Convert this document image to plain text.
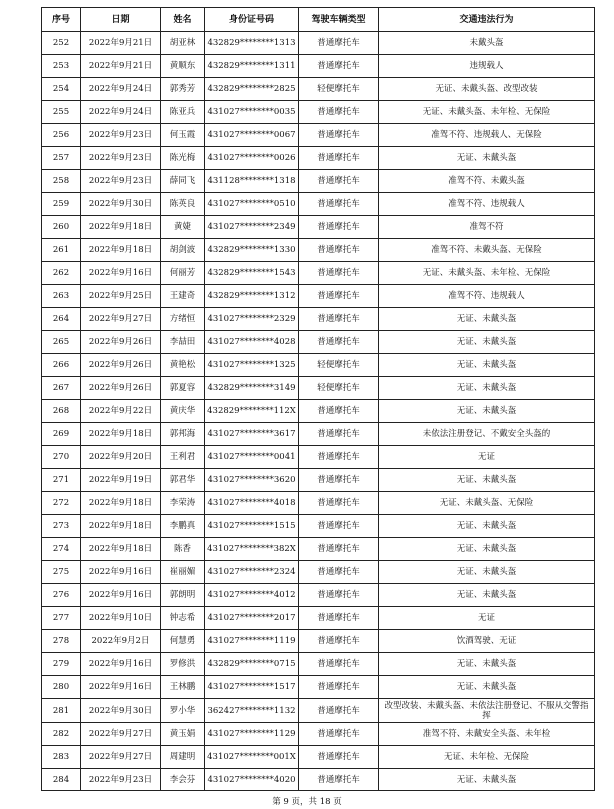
序号	日期	姓名	身份证号码	驾驶车辆类型	交通违法行为
252	2022年9月21日	胡亚林	432829********1313	普通摩托车	未戴头盔
253	2022年9月21日	黄顺东	432829********1311	普通摩托车	违规载人
254	2022年9月24日	郭秀芳	432829********2825	轻便摩托车	无证、未戴头盔、改型改装
255	2022年9月24日	陈亚兵	431027********0035	普通摩托车	无证、未戴头盔、未年检、无保险
256	2022年9月23日	何玉霞	431027********0067	普通摩托车	准驾不符、违规载人、无保险
257	2022年9月23日	陈光梅	431027********0026	普通摩托车	无证、未戴头盔
258	2022年9月23日	薛同飞	431128********1318	普通摩托车	准驾不符、未戴头盔
259	2022年9月30日	陈英良	431027********0510	普通摩托车	准驾不符、违规载人
260	2022年9月18日	黄婕	431027********2349	普通摩托车	准驾不符
261	2022年9月18日	胡剑波	432829********1330	普通摩托车	准驾不符、未戴头盔、无保险
262	2022年9月16日	何丽芳	432829********1543	普通摩托车	无证、未戴头盔、未年检、无保险
263	2022年9月25日	王建奇	432829********1312	普通摩托车	准驾不符、违规载人
264	2022年9月27日	方绪恒	431027********2329	普通摩托车	无证、未戴头盔
265	2022年9月26日	李喆田	431027********4028	普通摩托车	无证、未戴头盔
266	2022年9月26日	黄艳松	431027********1325	轻便摩托车	无证、未戴头盔
267	2022年9月26日	郭夏容	432829********3149	轻便摩托车	无证、未戴头盔
268	2022年9月22日	黄庆华	432829********112X	普通摩托车	无证、未戴头盔
269	2022年9月18日	郭邦海	431027********3617	普通摩托车	未依法注册登记、不戴安全头盔的
270	2022年9月20日	王利君	431027********0041	普通摩托车	无证
271	2022年9月19日	郭君华	431027********3620	普通摩托车	无证、未戴头盔
272	2022年9月18日	李荣涛	431027********4018	普通摩托车	无证、未戴头盔、无保险
273	2022年9月18日	李鹏真	431027********1515	普通摩托车	无证、未戴头盔
274	2022年9月18日	陈香	431027********382X	普通摩托车	无证、未戴头盔
275	2022年9月16日	崔丽媚	431027********2324	普通摩托车	无证、未戴头盔
276	2022年9月16日	郭朗明	431027********4012	普通摩托车	无证、未戴头盔
277	2022年9月10日	钟志希	431027********2017	普通摩托车	无证
278	2022年9月2日	何慧勇	431027********1119	普通摩托车	饮酒驾驶、无证
279	2022年9月16日	罗修洪	432829********0715	普通摩托车	无证、未戴头盔
280	2022年9月16日	王林鹏	431027********1517	普通摩托车	无证、未戴头盔
281	2022年9月30日	罗小华	362427********1132	普通摩托车	改型改装、未戴头盔、未依法注册登记、不服从交警指挥
282	2022年9月27日	黄玉娟	431027********1129	普通摩托车	准驾不符、未戴安全头盔、未年检
283	2022年9月27日	周建明	431027********001X	普通摩托车	无证、未年检、无保险
284	2022年9月23日	李会芬	431027********4020	普通摩托车	无证、未戴头盔
第 9 页，共 18 页
